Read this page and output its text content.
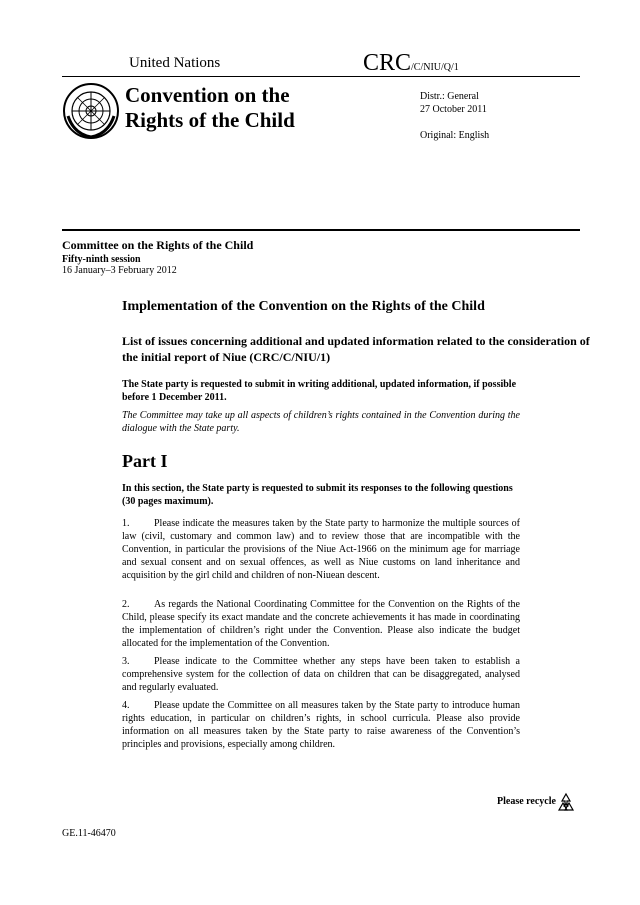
United Nations	CRC/C/NIU/Q/1
Convention on the
Rights of the Child
Distr.: General
27 October 2011
Original: English
Committee on the Rights of the Child
Fifty-ninth session
16 January–3 February 2012
Implementation of the Convention on the Rights of the Child
List of issues concerning additional and updated information related to the consideration of the initial report of Niue (CRC/C/NIU/1)
The State party is requested to submit in writing additional, updated information, if possible before 1 December 2011.
The Committee may take up all aspects of children’s rights contained in the Convention during the dialogue with the State party.
Part I
In this section, the State party is requested to submit its responses to the following questions (30 pages maximum).
1. Please indicate the measures taken by the State party to harmonize the multiple sources of law (civil, customary and common law) and to review those that are incompatible with the Convention, in particular the provisions of the Niue Act-1966 on the minimum age for marriage and sexual consent and on sexual offences, as well as Niue customs on land inheritance and acquisition by the girl child and children of non-Niuean descent.
2. As regards the National Coordinating Committee for the Convention on the Rights of the Child, please specify its exact mandate and the concrete achievements it has made in coordinating the implementation of children’s right under the Convention. Please also indicate the budget allocated for the implementation of the Convention.
3. Please indicate to the Committee whether any steps have been taken to establish a comprehensive system for the collection of data on children that can be disaggregated, analysed and regularly evaluated.
4. Please update the Committee on all measures taken by the State party to introduce human rights education, in particular on children’s rights, in school curricula. Please also provide information on all measures taken by the State party to raise awareness of the Convention’s principles and provisions, especially among children.
GE.11-46470
Please recycle
